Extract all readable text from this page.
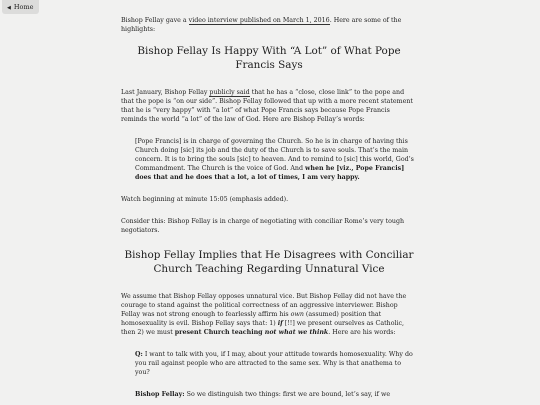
◀ Home

Bishop Fellay gave a video interview published on March 1, 2016. Here are some of the highlights:

Bishop Fellay Is Happy With “A Lot” of What Pope Francis Says

Last January, Bishop Fellay publicly said that he has a “close, close link” to the pope and that the pope is “on our side”. Bishop Fellay followed that up with a more recent statement that he is “very happy” with “a lot” of what Pope Francis says because Pope Francis reminds the world “a lot” of the law of God. Here are Bishop Fellay’s words:

[Pope Francis] is in charge of governing the Church. So he is in charge of having this Church doing [sic] its job and the duty of the Church is to save souls. That’s the main concern. It is to bring the souls [sic] to heaven. And to remind to [sic] this world, God’s Commandment. The Church is the voice of God. And when he [viz., Pope Francis] does that and he does that a lot, a lot of times, I am very happy.

Watch beginning at minute 15:05 (emphasis added).

Consider this: Bishop Fellay is in charge of negotiating with conciliar Rome’s very tough negotiators.

Bishop Fellay Implies that He Disagrees with Conciliar Church Teaching Regarding Unnatural Vice

We assume that Bishop Fellay opposes unnatural vice. But Bishop Fellay did not have the courage to stand against the political correctness of an aggressive interviewer. Bishop Fellay was not strong enough to fearlessly affirm his own (assumed) position that homosexuality is evil. Bishop Fellay says that: 1) if [!!] we present ourselves as Catholic, then 2) we must present Church teaching not what we think. Here are his words:

Q: I want to talk with you, if I may, about your attitude towards homosexuality. Why do you rail against people who are attracted to the same sex. Why is that anathema to you?
Bishop Fellay: So we distinguish two things: first we are bound, let’s say, if we
